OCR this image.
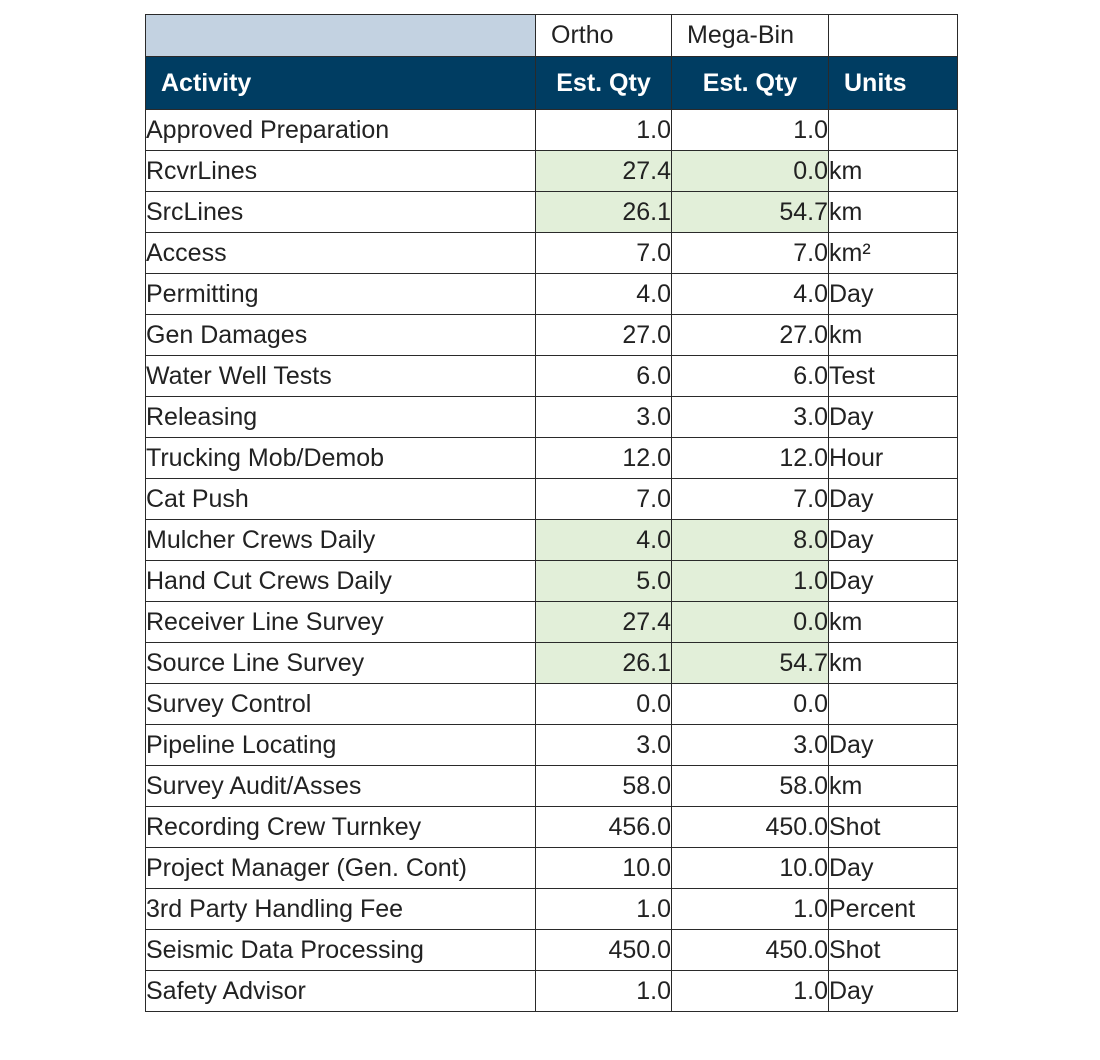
	Ortho	Mega-Bin	
Activity	Est. Qty	Est. Qty	Units
Approved Preparation	1.0	1.0	
RcvrLines	27.4	0.0	km
SrcLines	26.1	54.7	km
Access	7.0	7.0	km²
Permitting	4.0	4.0	Day
Gen Damages	27.0	27.0	km
Water Well Tests	6.0	6.0	Test
Releasing	3.0	3.0	Day
Trucking Mob/Demob	12.0	12.0	Hour
Cat Push	7.0	7.0	Day
Mulcher Crews Daily	4.0	8.0	Day
Hand Cut Crews Daily	5.0	1.0	Day
Receiver Line Survey	27.4	0.0	km
Source Line Survey	26.1	54.7	km
Survey Control	0.0	0.0	
Pipeline Locating	3.0	3.0	Day
Survey Audit/Asses	58.0	58.0	km
Recording Crew Turnkey	456.0	450.0	Shot
Project Manager (Gen. Cont)	10.0	10.0	Day
3rd Party Handling Fee	1.0	1.0	Percent
Seismic Data Processing	450.0	450.0	Shot
Safety Advisor	1.0	1.0	Day
